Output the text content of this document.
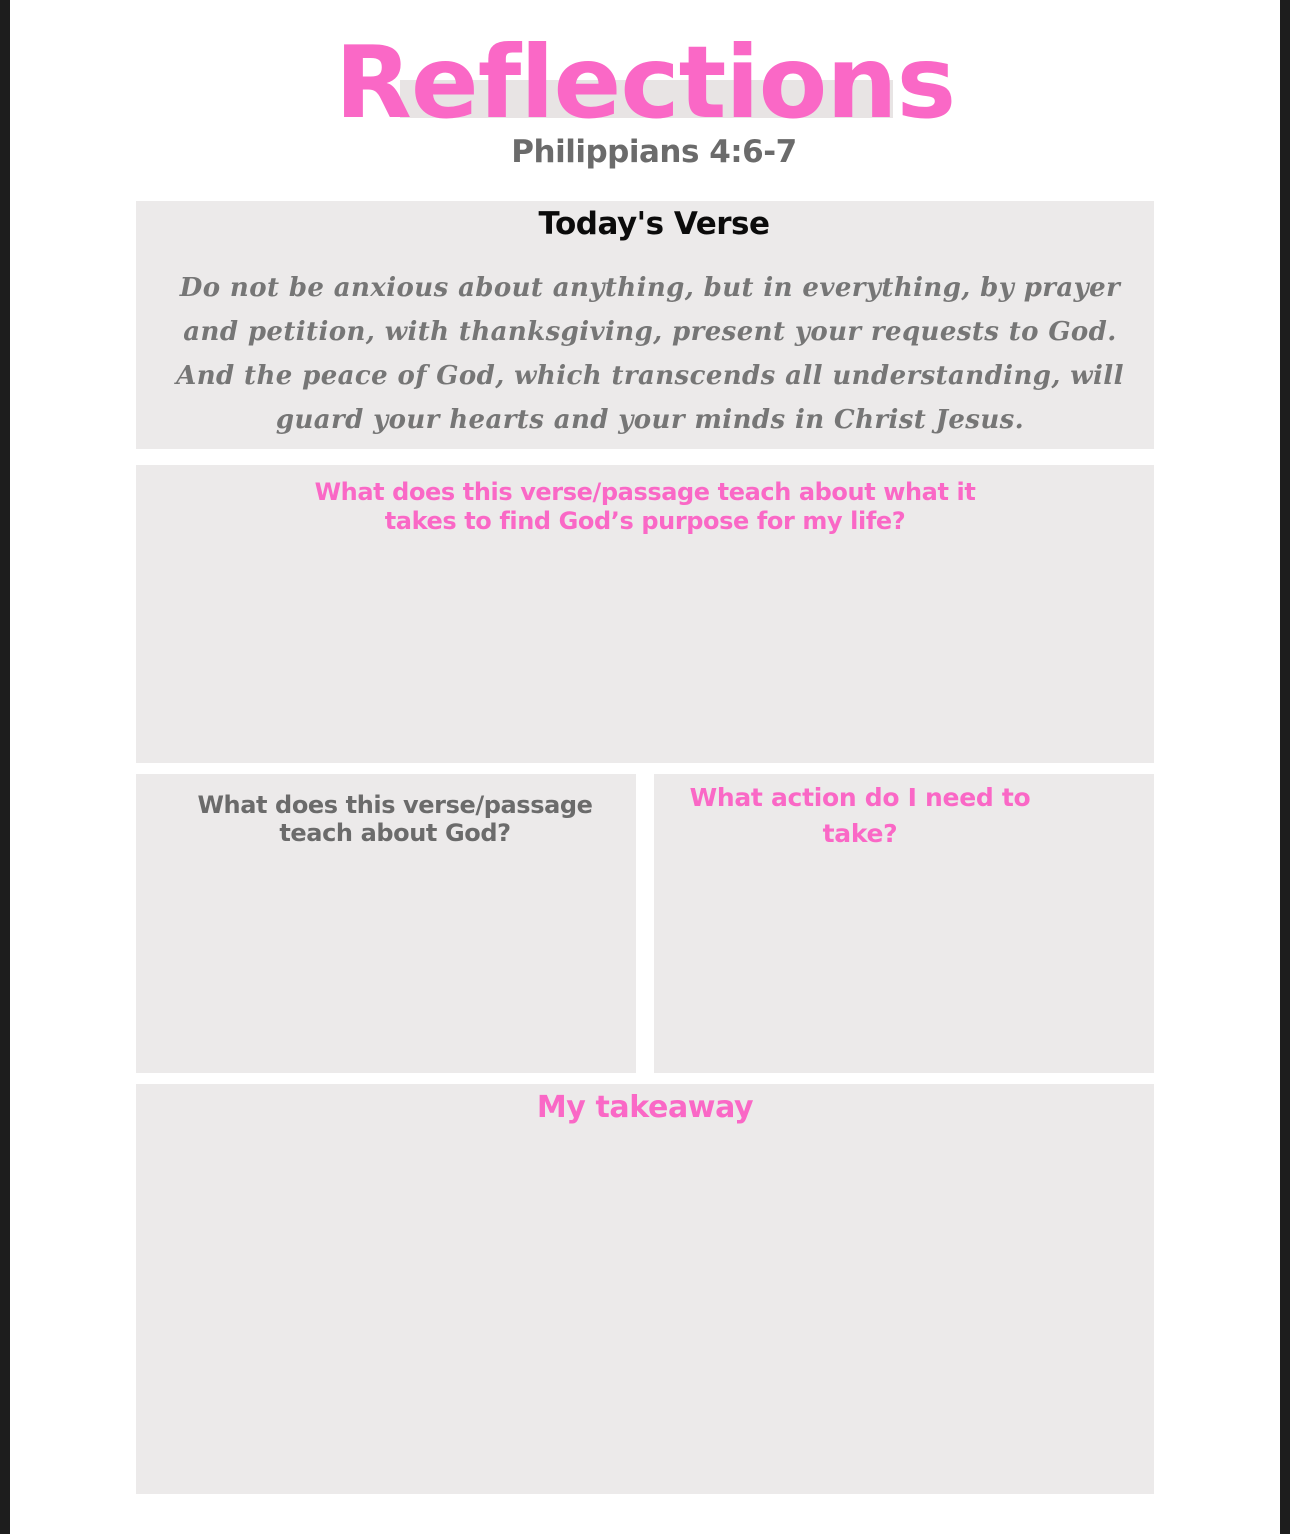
Reflections
Philippians 4:6-7
Today's Verse
Do not be anxious about anything, but in everything, by prayer
and petition, with thanksgiving, present your requests to God.
And the peace of God, which transcends all understanding, will
guard your hearts and your minds in Christ Jesus.
What does this verse/passage teach about what it
takes to find God’s purpose for my life?
What does this verse/passage
teach about God?
What action do I need to
take?
My takeaway
